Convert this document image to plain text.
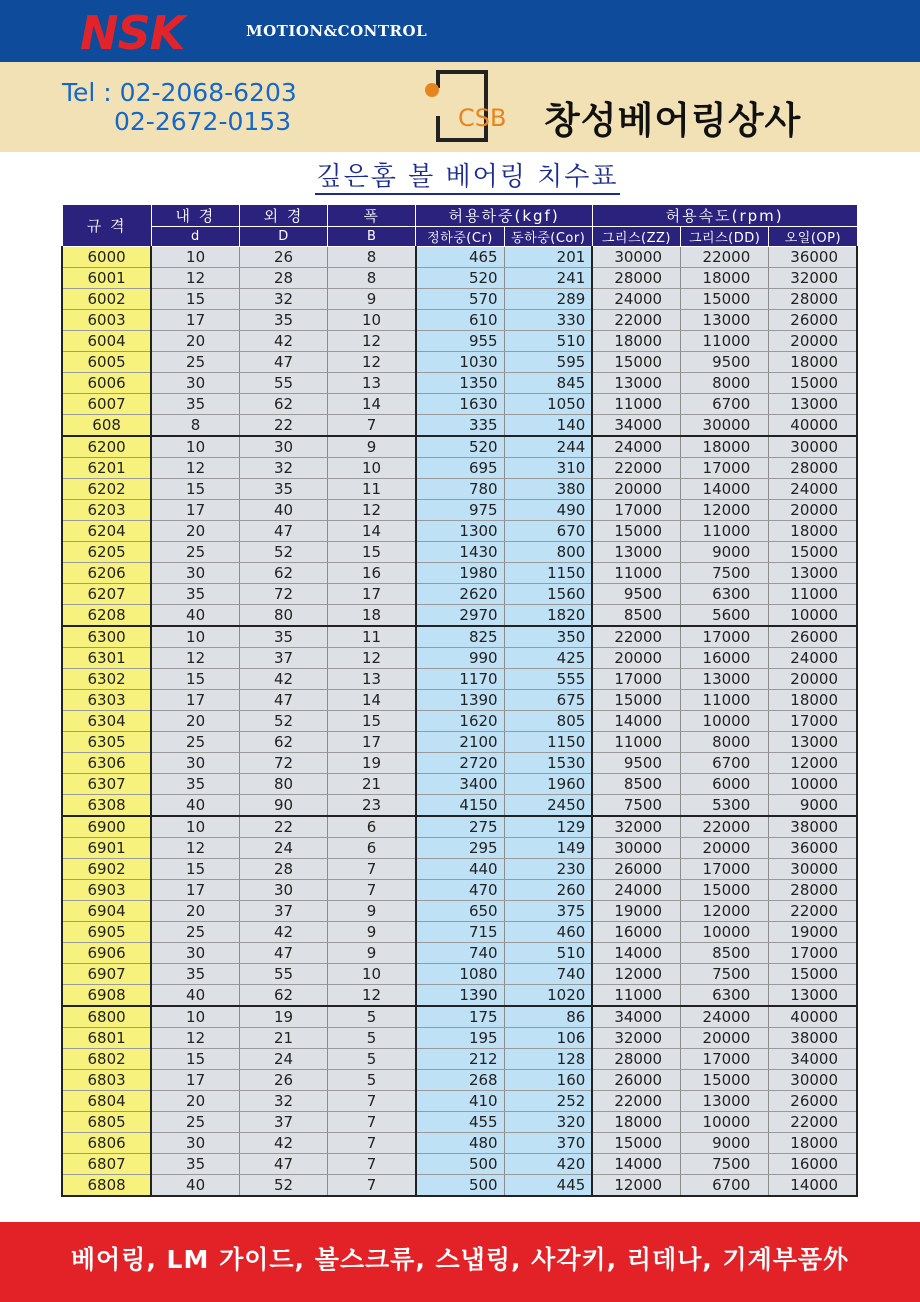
NSK	MOTION&CONTROL
Tel : 02-2068-6203
02-2672-0153	CSB 창성베어링상사
깊은홈 볼 베어링 치수표
규 격	내 경	외 경	폭	허용하중(kgf)		허용속도(rpm)		
	d	D	B	정하중(Cr)	동하중(Cor)	그리스(ZZ)	그리스(DD)	오일(OP)
6000	10	26	8	465	201	30000	22000	36000
6001	12	28	8	520	241	28000	18000	32000
6002	15	32	9	570	289	24000	15000	28000
6003	17	35	10	610	330	22000	13000	26000
6004	20	42	12	955	510	18000	11000	20000
6005	25	47	12	1030	595	15000	9500	18000
6006	30	55	13	1350	845	13000	8000	15000
6007	35	62	14	1630	1050	11000	6700	13000
608	8	22	7	335	140	34000	30000	40000
6200	10	30	9	520	244	24000	18000	30000
6201	12	32	10	695	310	22000	17000	28000
6202	15	35	11	780	380	20000	14000	24000
6203	17	40	12	975	490	17000	12000	20000
6204	20	47	14	1300	670	15000	11000	18000
6205	25	52	15	1430	800	13000	9000	15000
6206	30	62	16	1980	1150	11000	7500	13000
6207	35	72	17	2620	1560	9500	6300	11000
6208	40	80	18	2970	1820	8500	5600	10000
6300	10	35	11	825	350	22000	17000	26000
6301	12	37	12	990	425	20000	16000	24000
6302	15	42	13	1170	555	17000	13000	20000
6303	17	47	14	1390	675	15000	11000	18000
6304	20	52	15	1620	805	14000	10000	17000
6305	25	62	17	2100	1150	11000	8000	13000
6306	30	72	19	2720	1530	9500	6700	12000
6307	35	80	21	3400	1960	8500	6000	10000
6308	40	90	23	4150	2450	7500	5300	9000
6900	10	22	6	275	129	32000	22000	38000
6901	12	24	6	295	149	30000	20000	36000
6902	15	28	7	440	230	26000	17000	30000
6903	17	30	7	470	260	24000	15000	28000
6904	20	37	9	650	375	19000	12000	22000
6905	25	42	9	715	460	16000	10000	19000
6906	30	47	9	740	510	14000	8500	17000
6907	35	55	10	1080	740	12000	7500	15000
6908	40	62	12	1390	1020	11000	6300	13000
6800	10	19	5	175	86	34000	24000	40000
6801	12	21	5	195	106	32000	20000	38000
6802	15	24	5	212	128	28000	17000	34000
6803	17	26	5	268	160	26000	15000	30000
6804	20	32	7	410	252	22000	13000	26000
6805	25	37	7	455	320	18000	10000	22000
6806	30	42	7	480	370	15000	9000	18000
6807	35	47	7	500	420	14000	7500	16000
6808	40	52	7	500	445	12000	6700	14000
베어링, LM 가이드, 볼스크류, 스냅링, 사각키, 리데나, 기계부품外
